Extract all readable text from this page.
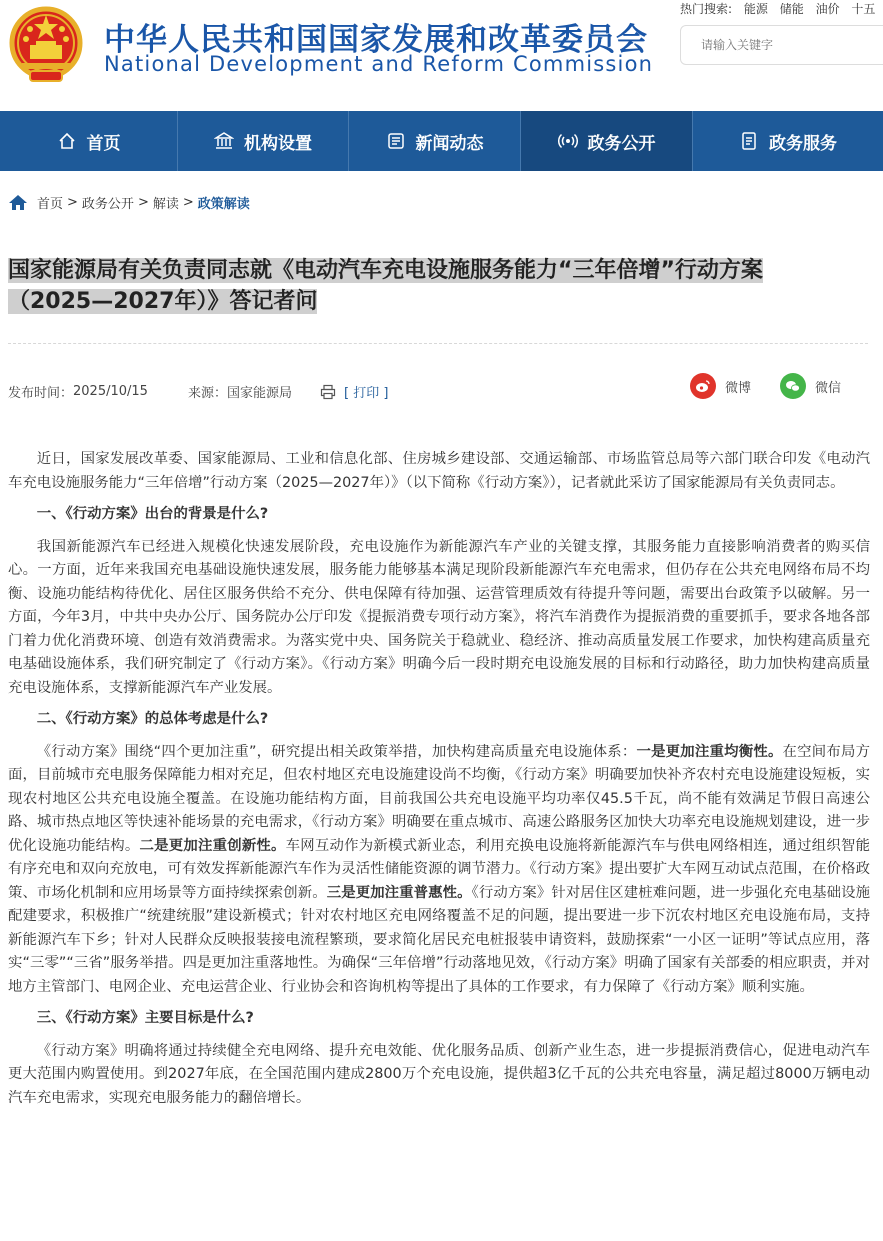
中华人民共和国国家发展和改革委员会
National Development and Reform Commission
热门搜索: 能源 储能 油价 十五
请输入关键字
首页	机构设置	新闻动态	政务公开	政务服务
首页 > 政务公开 > 解读 > 政策解读
国家能源局有关负责同志就《电动汽车充电设施服务能力“三年倍增”行动方案（2025—2027年）》答记者问
发布时间： 2025/10/15	来源： 国家能源局	[ 打印 ]	微博	微信

近日，国家发展改革委、国家能源局、工业和信息化部、住房城乡建设部、交通运输部、市场监管总局等六部门联合印发《电动汽车充电设施服务能力“三年倍增”行动方案（2025—2027年）》（以下简称《行动方案》），记者就此采访了国家能源局有关负责同志。

一、《行动方案》出台的背景是什么?

我国新能源汽车已经进入规模化快速发展阶段，充电设施作为新能源汽车产业的关键支撑，其服务能力直接影响消费者的购买信心。一方面，近年来我国充电基础设施快速发展，服务能力能够基本满足现阶段新能源汽车充电需求，但仍存在公共充电网络布局不均衡、设施功能结构待优化、居住区服务供给不充分、供电保障有待加强、运营管理质效有待提升等问题，需要出台政策予以破解。另一方面，今年3月，中共中央办公厅、国务院办公厅印发《提振消费专项行动方案》，将汽车消费作为提振消费的重要抓手，要求各地各部门着力优化消费环境、创造有效消费需求。为落实党中央、国务院关于稳就业、稳经济、推动高质量发展工作要求，加快构建高质量充电基础设施体系，我们研究制定了《行动方案》。《行动方案》明确今后一段时期充电设施发展的目标和行动路径，助力加快构建高质量充电设施体系，支撑新能源汽车产业发展。

二、《行动方案》的总体考虑是什么?

《行动方案》围绕“四个更加注重”，研究提出相关政策举措，加快构建高质量充电设施体系：一是更加注重均衡性。在空间布局方面，目前城市充电服务保障能力相对充足，但农村地区充电设施建设尚不均衡，《行动方案》明确要加快补齐农村充电设施建设短板，实现农村地区公共充电设施全覆盖。在设施功能结构方面，目前我国公共充电设施平均功率仅45.5千瓦，尚不能有效满足节假日高速公路、城市热点地区等快速补能场景的充电需求，《行动方案》明确要在重点城市、高速公路服务区加快大功率充电设施规划建设，进一步优化设施功能结构。二是更加注重创新性。车网互动作为新模式新业态，利用充换电设施将新能源汽车与供电网络相连，通过组织智能有序充电和双向充放电，可有效发挥新能源汽车作为灵活性储能资源的调节潜力。《行动方案》提出要扩大车网互动试点范围，在价格政策、市场化机制和应用场景等方面持续探索创新。三是更加注重普惠性。《行动方案》针对居住区建桩难问题，进一步强化充电基础设施配建要求，积极推广“统建统服”建设新模式；针对农村地区充电网络覆盖不足的问题，提出要进一步下沉农村地区充电设施布局，支持新能源汽车下乡；针对人民群众反映报装接电流程繁琐，要求简化居民充电桩报装申请资料，鼓励探索“一小区一证明”等试点应用，落实“三零”“三省”服务举措。四是更加注重落地性。为确保“三年倍增”行动落地见效，《行动方案》明确了国家有关部委的相应职责，并对地方主管部门、电网企业、充电运营企业、行业协会和咨询机构等提出了具体的工作要求，有力保障了《行动方案》顺利实施。

三、《行动方案》主要目标是什么?

《行动方案》明确将通过持续健全充电网络、提升充电效能、优化服务品质、创新产业生态，进一步提振消费信心，促进电动汽车更大范围内购置使用。到2027年底，在全国范围内建成2800万个充电设施，提供超3亿千瓦的公共充电容量，满足超过8000万辆电动汽车充电需求，实现充电服务能力的翻倍增长。
